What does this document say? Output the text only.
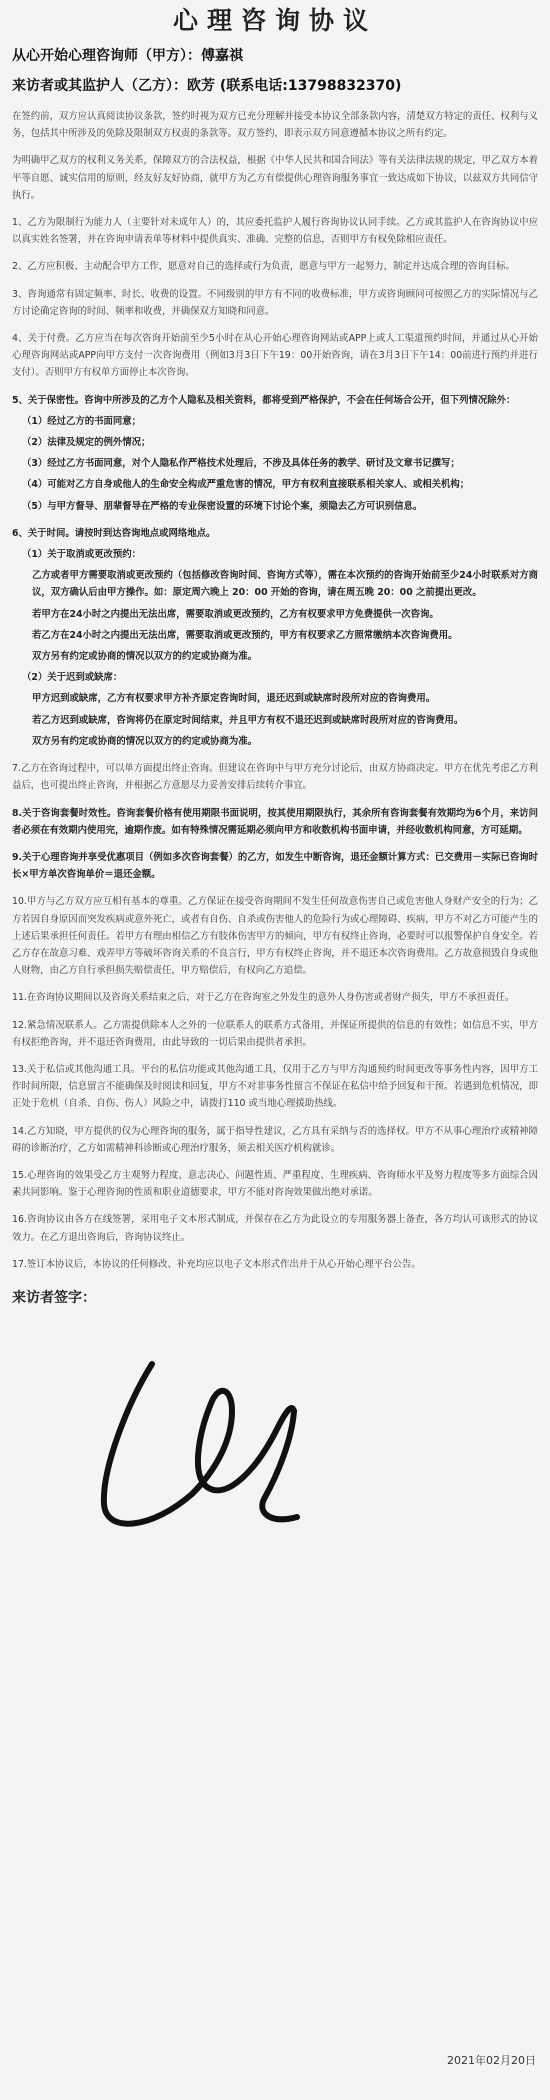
心理咨询协议

从心开始心理咨询师（甲方）：傅嘉祺

来访者或其监护人（乙方）：欧芳 (联系电话:13798832370)

在签约前，双方应认真阅读协议条款，签约时视为双方已充分理解并接受本协议全部条款内容，清楚双方特定的责任、权利与义务，包括其中所涉及的免除及限制双方权责的条款等。双方签约，即表示双方同意遵循本协议之所有约定。

为明确甲乙双方的权利义务关系，保障双方的合法权益，根据《中华人民共和国合同法》等有关法律法规的规定，甲乙双方本着平等自愿、诚实信用的原则，经友好友好协商，就甲方为乙方有偿提供心理咨询服务事宜一致达成如下协议，以兹双方共同信守执行。

1、乙方为限制行为能力人（主要针对未成年人）的，其应委托监护人履行咨询协议认同手续。乙方或其监护人在咨询协议中应以真实姓名签署，并在咨询申请表单等材料中提供真实、准确、完整的信息，否则甲方有权免除相应责任。

2、乙方应积极、主动配合甲方工作，愿意对自己的选择或行为负责，愿意与甲方一起努力，制定并达成合理的咨询目标。

3、咨询通常有固定频率、时长、收费的设置。不同级别的甲方有不同的收费标准，甲方或咨询顾问可按照乙方的实际情况与乙方讨论确定咨询的时间、频率和收费，并确保双方知晓和同意。

4、关于付费。乙方应当在每次咨询开始前至少5小时在从心开始心理咨询网站或APP上或人工渠道预约时间，并通过从心开始心理咨询网站或APP向甲方支付一次咨询费用（例如3月3日下午19：00开始咨询，请在3月3日下午14：00前进行预约并进行支付）。否则甲方有权单方面停止本次咨询。

5、关于保密性。咨询中所涉及的乙方个人隐私及相关资料，都将受到严格保护，不会在任何场合公开，但下列情况除外：

（1）经过乙方的书面同意；

（2）法律及规定的例外情况；

（3）经过乙方书面同意，对个人隐私作严格技术处理后，不涉及具体任务的教学、研讨及文章书记撰写；

（4）可能对乙方自身或他人的生命安全构成严重危害的情况，甲方有权利直接联系相关家人、或相关机构；

（5）与甲方督导、朋辈督导在严格的专业保密设置的环境下讨论个案，须隐去乙方可识别信息。

6、关于时间。请按时到达咨询地点或网络地点。

（1）关于取消或更改预约：

乙方或者甲方需要取消或更改预约（包括修改咨询时间、咨询方式等），需在本次预约的咨询开始前至少24小时联系对方商议，双方确认后由甲方操作。如：原定周六晚上 20：00 开始的咨询，请在周五晚 20：00 之前提出更改。

若甲方在24小时之内提出无法出席，需要取消或更改预约，乙方有权要求甲方免费提供一次咨询。

若乙方在24小时之内提出无法出席，需要取消或更改预约，甲方有权要求乙方照常缴纳本次咨询费用。

双方另有约定或协商的情况以双方的约定或协商为准。

（2）关于迟到或缺席：

甲方迟到或缺席，乙方有权要求甲方补齐原定咨询时间，退还迟到或缺席时段所对应的咨询费用。

若乙方迟到或缺席，咨询将仍在原定时间结束，并且甲方有权不退还迟到或缺席时段所对应的咨询费用。

双方另有约定或协商的情况以双方的约定或协商为准。

7.乙方在咨询过程中，可以单方面提出终止咨询。但建议在咨询中与甲方充分讨论后，由双方协商决定。甲方在优先考虑乙方利益后，也可提出终止咨询，并根据乙方意愿尽力妥善安排后续转介事宜。

8.关于咨询套餐时效性。咨询套餐价格有使用期限书面说明，按其使用期限执行，其余所有咨询套餐有效期均为6个月，来访问者必须在有效期内使用完，逾期作废。如有特殊情况需延期必须向甲方和收数机构书面申请，并经收数机构同意，方可延期。

9.关于心理咨询并享受优惠项目（例如多次咨询套餐）的乙方，如发生中断咨询，退还金额计算方式：已交费用－实际已咨询时长×甲方单次咨询单价＝退还金额。

10.甲方与乙方双方应互相有基本的尊重。乙方保证在接受咨询期间不发生任何故意伤害自己或危害他人身财产安全的行为；乙方若因自身原因而突发疾病或意外死亡，或者有自伤、自杀或伤害他人的危险行为或心理障碍、疾病，甲方不对乙方可能产生的上述后果承担任何责任。若甲方有理由相信乙方有肢体伤害甲方的倾向，甲方有权终止咨询，必要时可以报警保护自身安全。若乙方存在故意习难、戏弄甲方等破坏咨询关系的不良言行，甲方有权终止咨询，并不退还本次咨询费用。乙方故意损毁自身或他人财物，由乙方自行承担损失赔偿责任，甲方赔偿后，有权向乙方追偿。

11.在咨询协议期间以及咨询关系结束之后，对于乙方在咨询室之外发生的意外人身伤害或者财产损失，甲方不承担责任。

12.紧急情况联系人。乙方需提供除本人之外的一位联系人的联系方式备用，并保证所提供的信息的有效性；如信息不实，甲方有权拒绝咨询，并不退还咨询费用，由此导致的一切后果由提供者承担。

13.关于私信或其他沟通工具。平台的私信功能或其他沟通工具，仅用于乙方与甲方沟通预约时间更改等事务性内容，因甲方工作时间所限，信息留言不能确保及时阅读和回复，甲方不对非事务性留言不保证在私信中给予回复和干预。若遇到危机情况，即正处于危机（自杀、自伤、伤人）风险之中，请拨打110 或当地心理援助热线。

14.乙方知晓，甲方提供的仅为心理咨询的服务，属于指导性建议，乙方具有采纳与否的选择权。甲方不从事心理治疗或精神障碍的诊断治疗，乙方如需精神科诊断或心理治疗服务，须去相关医疗机构就诊。

15.心理咨询的效果受乙方主观努力程度、意志决心、问题性质、严重程度、生理疾病、咨询师水平及努力程度等多方面综合因素共同影响。鉴于心理咨询的性质和职业道德要求，甲方不能对咨询效果做出绝对承诺。

16.咨询协议由各方在线签署，采用电子文本形式制成，并保存在乙方为此设立的专用服务器上备查，各方均认可该形式的协议效力。在乙方退出咨询后，咨询协议终止。

17.签订本协议后，本协议的任何修改、补充均应以电子文本形式作出并于从心开始心理平台公告。

来访者签字：

2021年02月20日
